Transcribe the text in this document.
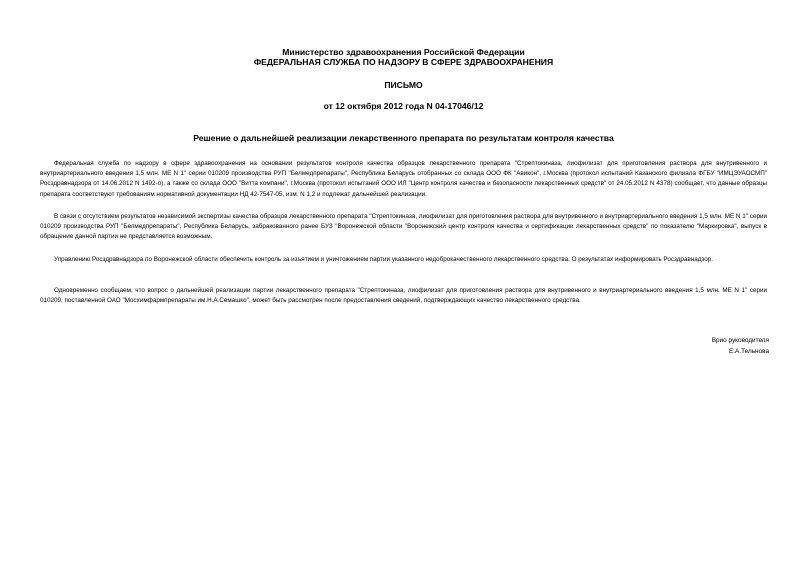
Министерство здравоохранения Российской Федерации
ФЕДЕРАЛЬНАЯ СЛУЖБА ПО НАДЗОРУ В СФЕРЕ ЗДРАВООХРАНЕНИЯ
ПИСЬМО
от 12 октября 2012 года N 04-17046/12
Решение о дальнейшей реализации лекарственного препарата по результатам контроля качества

Федеральная служба по надзору в сфере здравоохранения на основании результатов контроля качества образцов лекарственного препарата "Стрептокиназа, лиофилизат для приготовления раствора для внутривенного и внутриартериального введения 1,5 млн. МЕ N 1" серии 010209 производства РУП "Белмедпрепараты", Республика Беларусь отобранных со склада ООО ФК "Авикон", г.Москва (протокол испытаний Казанского филиала ФГБУ "ИМЦЭУАОСМП" Росздравнадзора от 14.06.2012 N 1492-о), а также со склада ООО "Витта компани", г.Москва (протокол испытаний ООО ИЛ "Центр контроля качества и безопасности лекарственных средств" от 24.05.2012 N 4378) сообщает, что данные образцы препарата соответствуют требованиям нормативной документации НД 42-7547-05, изм. N 1,2 и подлежат дальнейшей реализации.

В связи с отсутствием результатов независимой экспертизы качества образцов лекарственного препарата "Стрептокиназа, лиофилизат для приготовления раствора для внутривенного и внутриартериального введения 1,5 млн. МЕ N 1" серии 010209 производства РУП "Белмедпрепараты", Республика Беларусь, забракованного ранее БУЗ "Воронежской области "Воронежский центр контроля качества и сертификации лекарственных средств" по показателю "Маркировка", выпуск в обращение данной партии не представляется возможным.

Управлению Росздравнадзора по Воронежской области обеспечить контроль за изъятием и уничтожением партии указанного недоброкачественного лекарственного средства. О результатах информировать Росздравнадзор.

Одновременно сообщаем, что вопрос о дальнейшей реализации партии лекарственного препарата "Стрептокиназа, лиофилизат для приготовления раствора для внутривенного и внутриартериального введения 1,5 млн. МЕ N 1" серии 010209, поставленной ОАО "Мосхимфармпрепараты им.Н.А.Семашко", может быть рассмотрен после предоставления сведений, подтверждающих качество лекарственного средства.

Врио руководителя
Е.А.Тельнова
